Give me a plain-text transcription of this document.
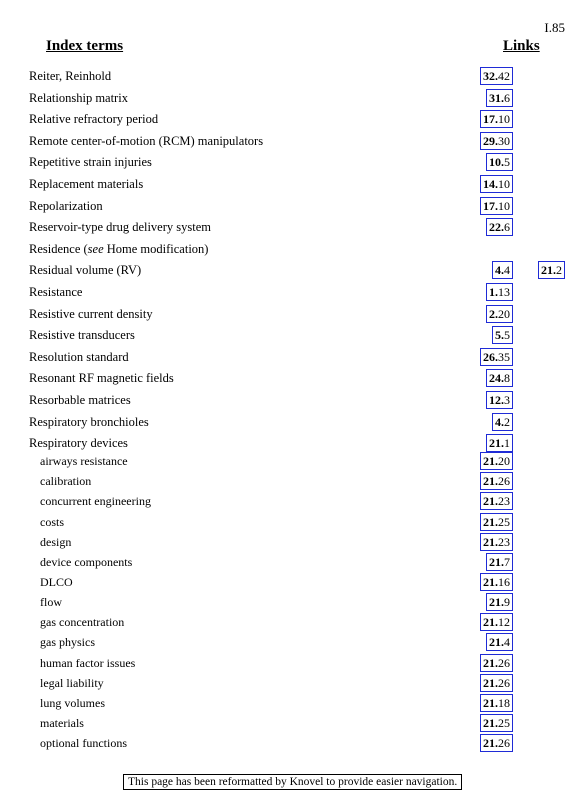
I.85
Index terms	Links
Reiter, Reinhold	32.42
Relationship matrix	31.6
Relative refractory period	17.10
Remote center-of-motion (RCM) manipulators	29.30
Repetitive strain injuries	10.5
Replacement materials	14.10
Repolarization	17.10
Reservoir-type drug delivery system	22.6
Residence (see Home modification)
Residual volume (RV)	4.4	21.2
Resistance	1.13
Resistive current density	2.20
Resistive transducers	5.5
Resolution standard	26.35
Resonant RF magnetic fields	24.8
Resorbable matrices	12.3
Respiratory bronchioles	4.2
Respiratory devices	21.1
airways resistance	21.20
calibration	21.26
concurrent engineering	21.23
costs	21.25
design	21.23
device components	21.7
DLCO	21.16
flow	21.9
gas concentration	21.12
gas physics	21.4
human factor issues	21.26
legal liability	21.26
lung volumes	21.18
materials	21.25
optional functions	21.26
This page has been reformatted by Knovel to provide easier navigation.
